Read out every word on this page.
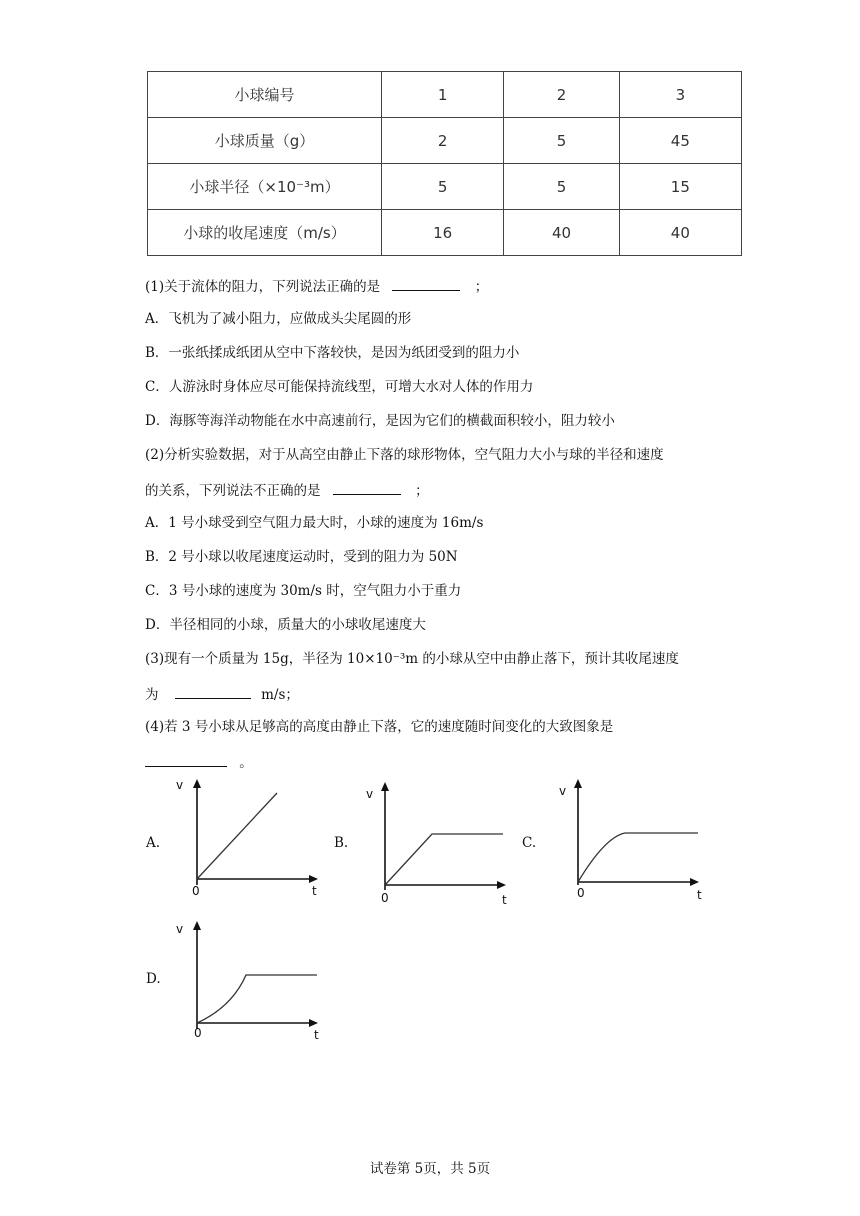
小球编号	1	2	3
小球质量（g）	2	5	45
小球半径（×10⁻³m）	5	5	15
小球的收尾速度（m/s）	16	40	40
(1)关于流体的阻力，下列说法正确的是	；
A．飞机为了减小阻力，应做成头尖尾圆的形
B．一张纸揉成纸团从空中下落较快，是因为纸团受到的阻力小
C．人游泳时身体应尽可能保持流线型，可增大水对人体的作用力
D．海豚等海洋动物能在水中高速前行，是因为它们的横截面积较小，阻力较小
(2)分析实验数据，对于从高空由静止下落的球形物体，空气阻力大小与球的半径和速度
的关系，下列说法不正确的是	；
A．1 号小球受到空气阻力最大时，小球的速度为 16m/s
B．2 号小球以收尾速度运动时，受到的阻力为 50N
C．3 号小球的速度为 30m/s 时，空气阻力小于重力
D．半径相同的小球，质量大的小球收尾速度大
(3)现有一个质量为 15g，半径为 10×10⁻³m 的小球从空中由静止落下，预计其收尾速度
为	m/s；
(4)若 3 号小球从足够高的高度由静止下落，它的速度随时间变化的大致图象是
。
A.	B.	C.
D.
v
t
0
v
t
0
v
t
0
v
t
0
试卷第 5页，共 5页
